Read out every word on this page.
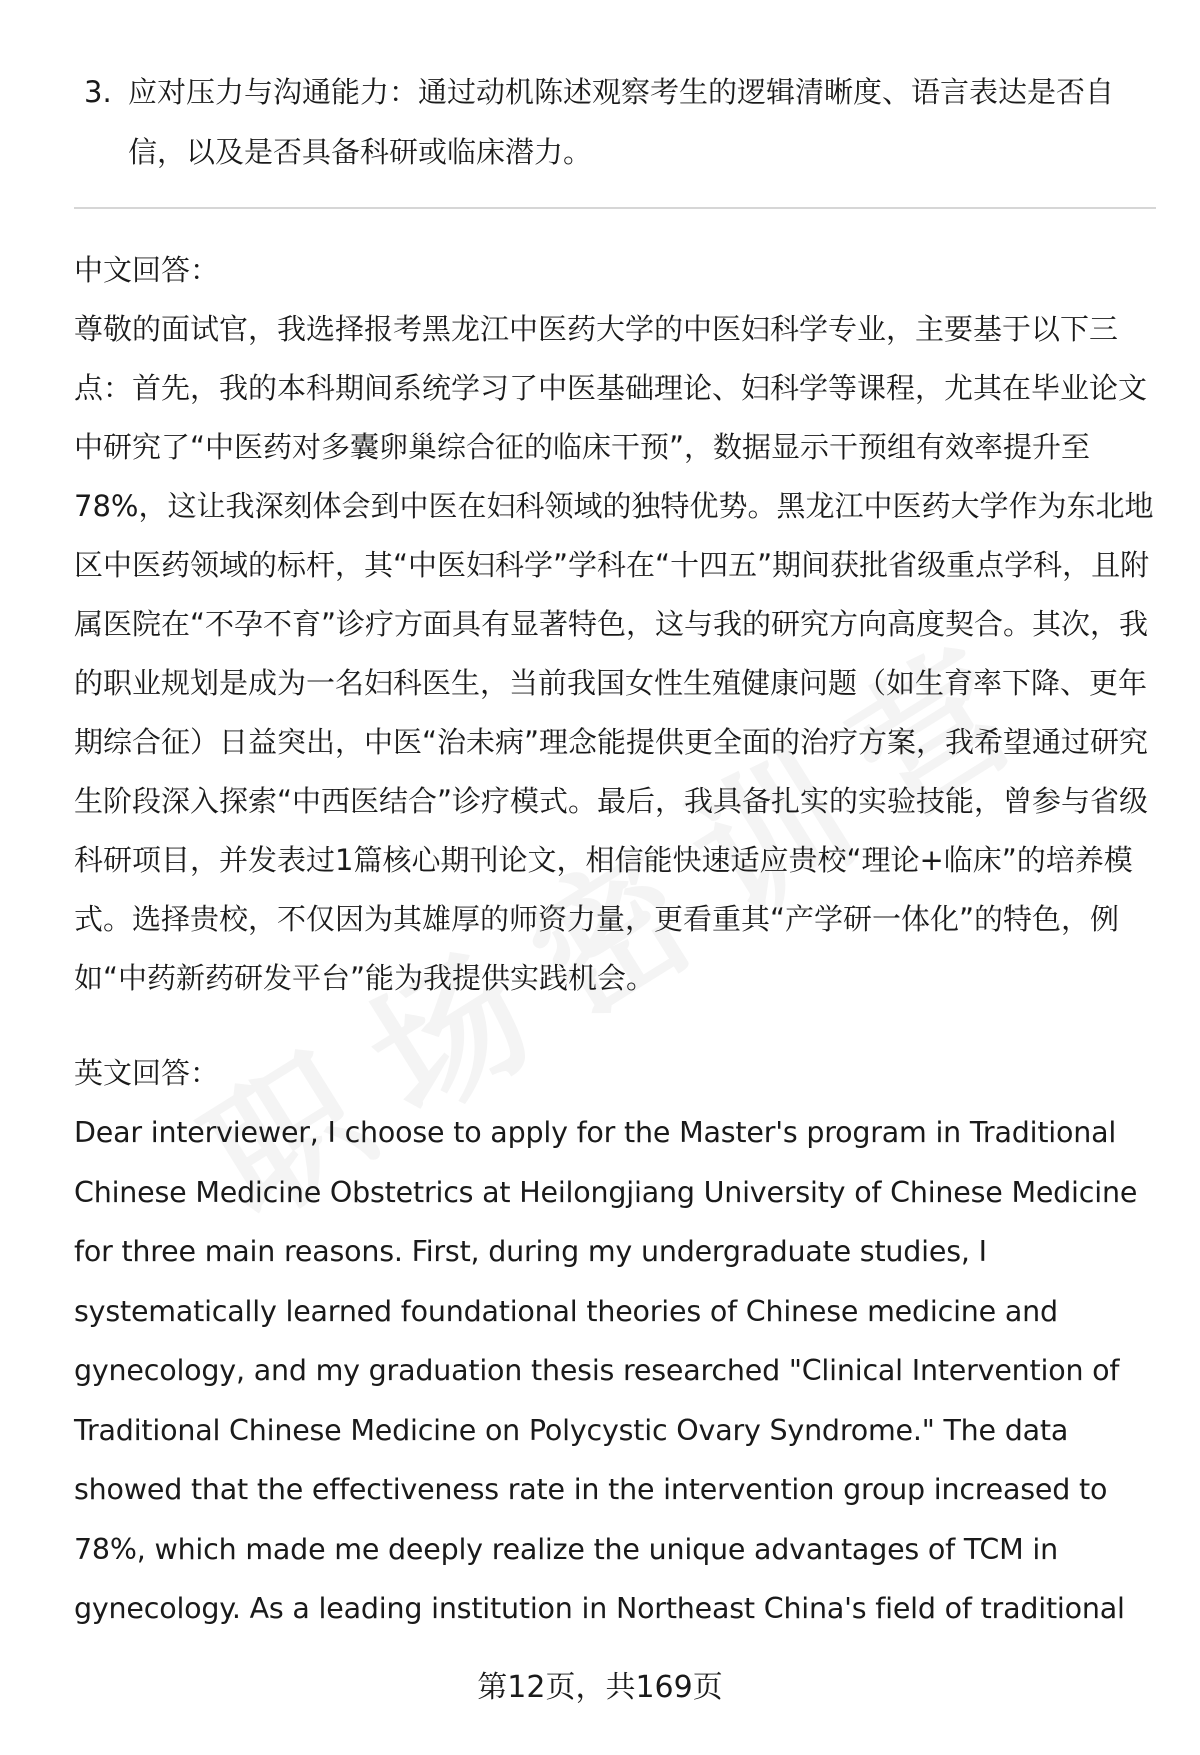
3. 应对压力与沟通能力：通过动机陈述观察考生的逻辑清晰度、语言表达是否自信，以及是否具备科研或临床潜力。
中文回答：
尊敬的面试官，我选择报考黑龙江中医药大学的中医妇科学专业，主要基于以下三点：首先，我的本科期间系统学习了中医基础理论、妇科学等课程，尤其在毕业论文中研究了“中医药对多囊卵巢综合征的临床干预”，数据显示干预组有效率提升至78%，这让我深刻体会到中医在妇科领域的独特优势。黑龙江中医药大学作为东北地区中医药领域的标杆，其“中医妇科学”学科在“十四五”期间获批省级重点学科，且附属医院在“不孕不育”诊疗方面具有显著特色，这与我的研究方向高度契合。其次，我的职业规划是成为一名妇科医生，当前我国女性生殖健康问题（如生育率下降、更年期综合征）日益突出，中医“治未病”理念能提供更全面的治疗方案，我希望通过研究生阶段深入探索“中西医结合”诊疗模式。最后，我具备扎实的实验技能，曾参与省级科研项目，并发表过1篇核心期刊论文，相信能快速适应贵校“理论+临床”的培养模式。选择贵校，不仅因为其雄厚的师资力量，更看重其“产学研一体化”的特色，例如“中药新药研发平台”能为我提供实践机会。
英文回答：
Dear interviewer, I choose to apply for the Master's program in Traditional Chinese Medicine Obstetrics at Heilongjiang University of Chinese Medicine for three main reasons. First, during my undergraduate studies, I systematically learned foundational theories of Chinese medicine and gynecology, and my graduation thesis researched "Clinical Intervention of Traditional Chinese Medicine on Polycystic Ovary Syndrome." The data showed that the effectiveness rate in the intervention group increased to 78%, which made me deeply realize the unique advantages of TCM in gynecology. As a leading institution in Northeast China's field of traditional
第12页，共169页
